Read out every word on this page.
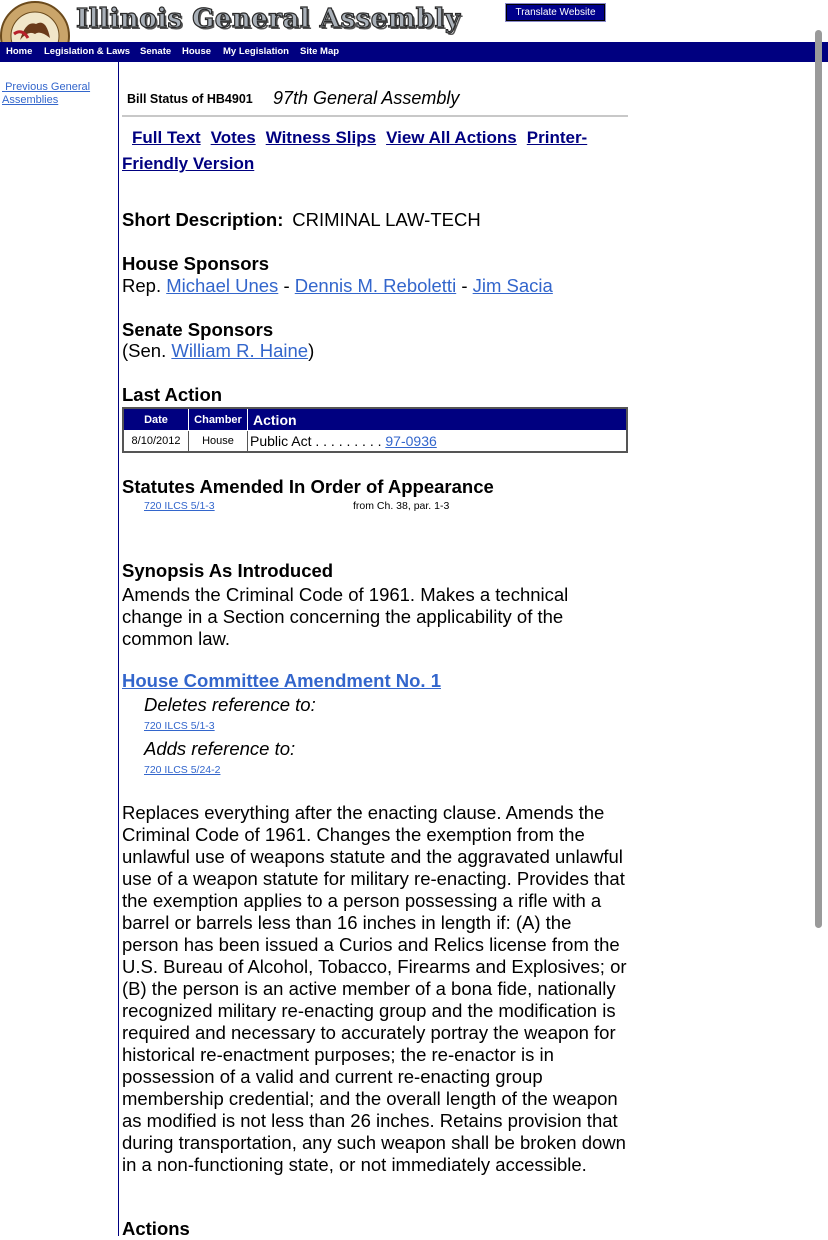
Illinois General Assembly	Translate Website
Home Legislation & Laws Senate House My Legislation Site Map
Previous General Assemblies	Bill Status of HB4901 97th General Assembly
Full Text Votes Witness Slips View All Actions Printer-Friendly Version
Short Description: CRIMINAL LAW-TECH
House Sponsors
Rep. Michael Unes - Dennis M. Reboletti - Jim Sacia
Senate Sponsors
(Sen. William R. Haine)
Last Action
Date	Chamber	Action
8/10/2012	House	Public Act . . . . . . . . . 97-0936
Statutes Amended In Order of Appearance
720 ILCS 5/1-3	from Ch. 38, par. 1-3
Synopsis As Introduced
Amends the Criminal Code of 1961. Makes a technical change in a Section concerning the applicability of the common law.
House Committee Amendment No. 1
Deletes reference to:
720 ILCS 5/1-3
Adds reference to:
720 ILCS 5/24-2
Replaces everything after the enacting clause. Amends the Criminal Code of 1961. Changes the exemption from the unlawful use of weapons statute and the aggravated unlawful use of a weapon statute for military re-enacting. Provides that the exemption applies to a person possessing a rifle with a barrel or barrels less than 16 inches in length if: (A) the person has been issued a Curios and Relics license from the U.S. Bureau of Alcohol, Tobacco, Firearms and Explosives; or (B) the person is an active member of a bona fide, nationally recognized military re-enacting group and the modification is required and necessary to accurately portray the weapon for historical re-enactment purposes; the re-enactor is in possession of a valid and current re-enacting group membership credential; and the overall length of the weapon as modified is not less than 26 inches. Retains provision that during transportation, any such weapon shall be broken down in a non-functioning state, or not immediately accessible.
Actions
